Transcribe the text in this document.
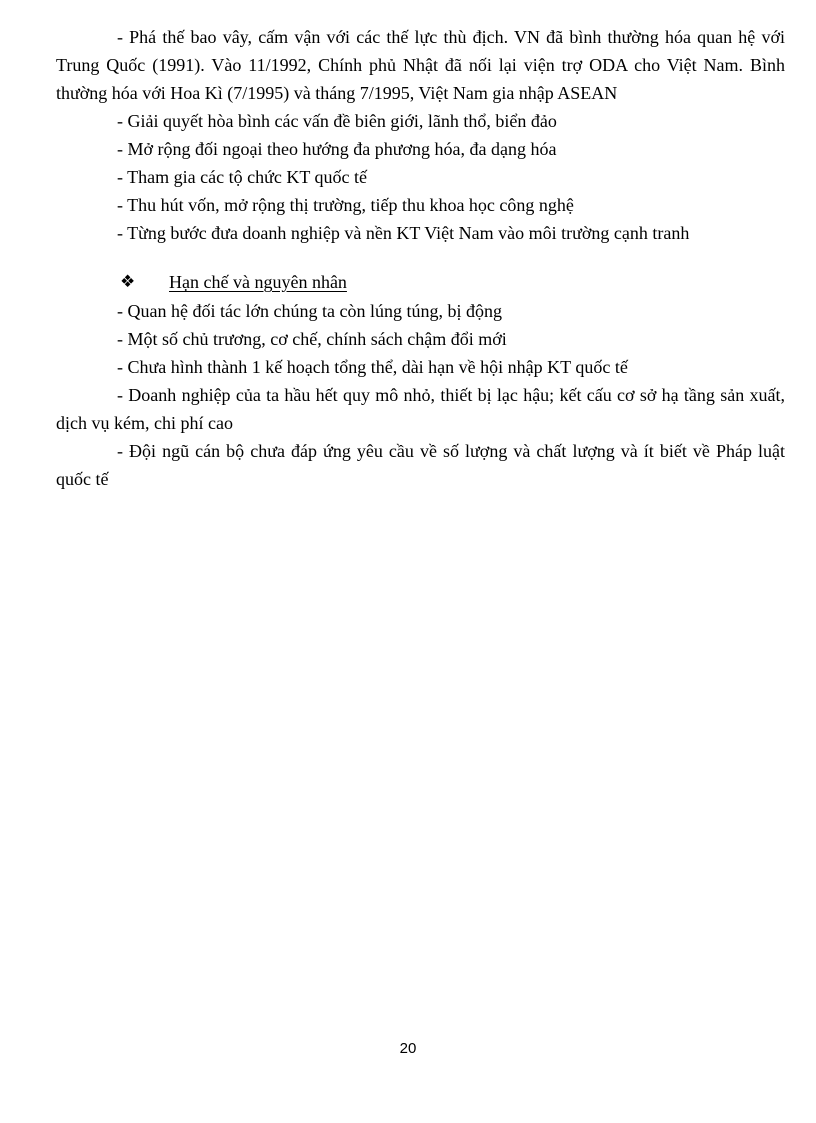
- Phá thế bao vây, cấm vận với các thế lực thù địch. VN đã bình thường hóa quan hệ với Trung Quốc (1991). Vào 11/1992, Chính phủ Nhật đã nối lại viện trợ ODA cho Việt Nam. Bình thường hóa với Hoa Kì (7/1995) và tháng 7/1995, Việt Nam gia nhập ASEAN

- Giải quyết hòa bình các vấn đề biên giới, lãnh thổ, biển đảo

- Mở rộng đối ngoại theo hướng đa phương hóa, đa dạng hóa

- Tham gia các tộ chức KT quốc tế

- Thu hút vốn, mở rộng thị trường, tiếp thu khoa học công nghệ

- Từng bước đưa doanh nghiệp và nền KT Việt Nam vào môi trường cạnh tranh

❖ Hạn chế và nguyên nhân

- Quan hệ đối tác lớn chúng ta còn lúng túng, bị động

- Một số chủ trương, cơ chế, chính sách chậm đổi mới

- Chưa hình thành 1 kế hoạch tổng thể, dài hạn về hội nhập KT quốc tế

- Doanh nghiệp của ta hầu hết quy mô nhỏ, thiết bị lạc hậu; kết cấu cơ sở hạ tầng sản xuất, dịch vụ kém, chi phí cao

- Đội ngũ cán bộ chưa đáp ứng yêu cầu về số lượng và chất lượng và ít biết về Pháp luật quốc tế

20
